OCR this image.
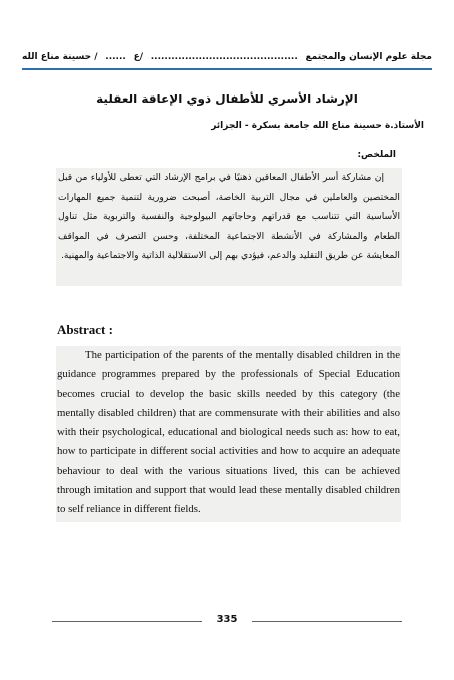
مجلة علوم الإنسان والمجتمع
...........................................
/ع
......
/ حسينة مناع الله
الإرشاد الأسري للأطفال ذوي الإعاقة العقلية
الأستاذ.ة حسينة مناع الله جامعة بسكرة - الجزائر
الملخص:

إن مشاركة أسر الأطفال المعاقين ذهنيًا في برامج الإرشاد التي تعطى للأولياء من قبل المختصين والعاملين في مجال التربية الخاصة، أصبحت ضرورية لتنمية جميع المهارات الأساسية التي تتناسب مع قدراتهم وحاجاتهم البيولوجية والنفسية والتربوية مثل تناول الطعام والمشاركة في الأنشطة الاجتماعية المختلفة، وحسن التصرف في المواقف المعايشة عن طريق التقليد والدعم، فيؤدي بهم إلى الاستقلالية الذاتية والاجتماعية والمهنية.

Abstract :

The participation of the parents of the mentally disabled children in the guidance programmes prepared by the professionals of Special Education becomes crucial to develop the basic skills needed by this category (the mentally disabled children) that are commensurate with their abilities and also with their psychological, educational and biological needs such as: how to eat, how to participate in different social activities and how to acquire an adequate behaviour to deal with the various situations lived, this can be achieved through imitation and support that would lead these mentally disabled children to self reliance in different fields.

335
